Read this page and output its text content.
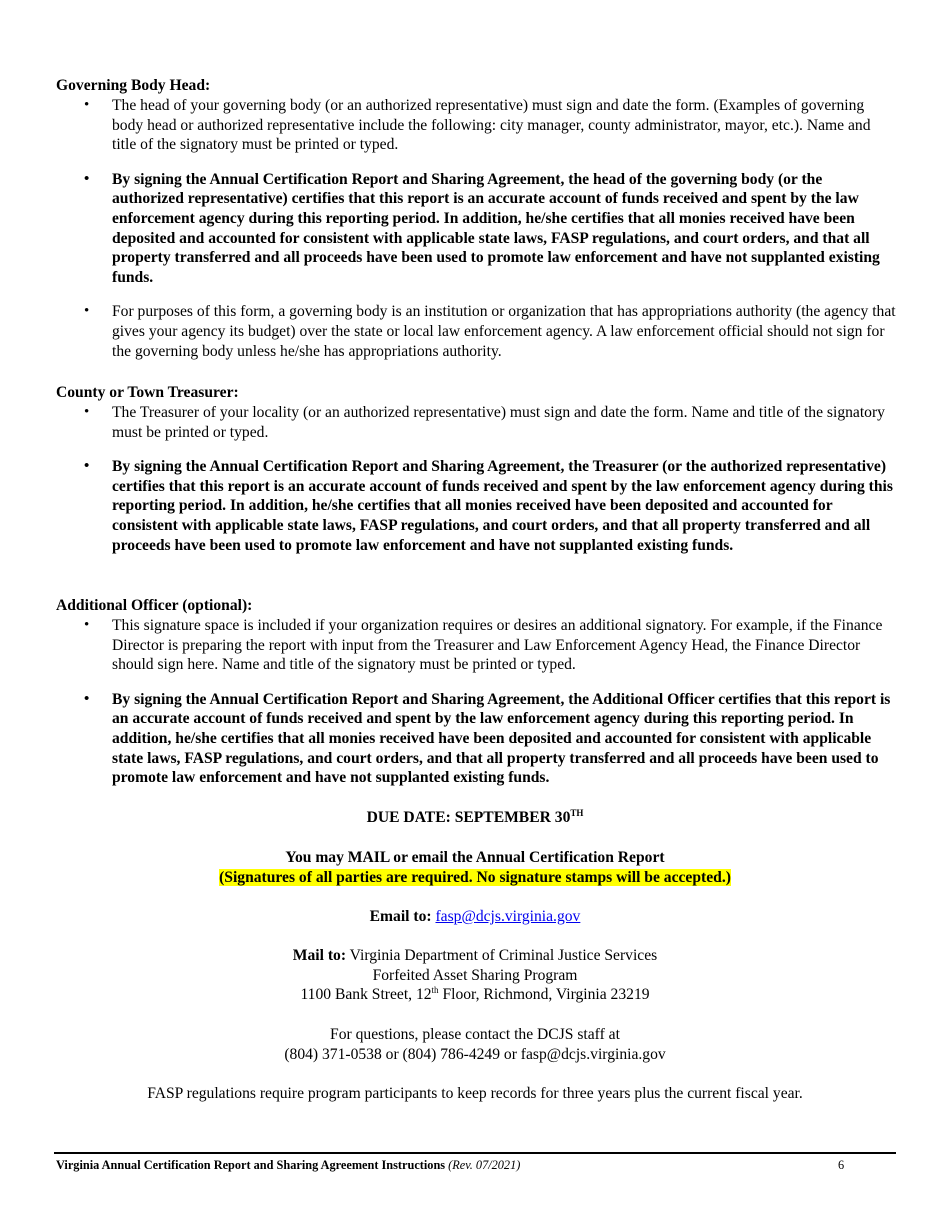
Governing Body Head:
• The head of your governing body (or an authorized representative) must sign and date the form. (Examples of governing body head or authorized representative include the following: city manager, county administrator, mayor, etc.). Name and title of the signatory must be printed or typed.
• By signing the Annual Certification Report and Sharing Agreement, the head of the governing body (or the authorized representative) certifies that this report is an accurate account of funds received and spent by the law enforcement agency during this reporting period. In addition, he/she certifies that all monies received have been deposited and accounted for consistent with applicable state laws, FASP regulations, and court orders, and that all property transferred and all proceeds have been used to promote law enforcement and have not supplanted existing funds.
• For purposes of this form, a governing body is an institution or organization that has appropriations authority (the agency that gives your agency its budget) over the state or local law enforcement agency. A law enforcement official should not sign for the governing body unless he/she has appropriations authority.
County or Town Treasurer:
• The Treasurer of your locality (or an authorized representative) must sign and date the form. Name and title of the signatory must be printed or typed.
• By signing the Annual Certification Report and Sharing Agreement, the Treasurer (or the authorized representative) certifies that this report is an accurate account of funds received and spent by the law enforcement agency during this reporting period. In addition, he/she certifies that all monies received have been deposited and accounted for consistent with applicable state laws, FASP regulations, and court orders, and that all property transferred and all proceeds have been used to promote law enforcement and have not supplanted existing funds.
Additional Officer (optional):
• This signature space is included if your organization requires or desires an additional signatory. For example, if the Finance Director is preparing the report with input from the Treasurer and Law Enforcement Agency Head, the Finance Director should sign here. Name and title of the signatory must be printed or typed.
• By signing the Annual Certification Report and Sharing Agreement, the Additional Officer certifies that this report is an accurate account of funds received and spent by the law enforcement agency during this reporting period. In addition, he/she certifies that all monies received have been deposited and accounted for consistent with applicable state laws, FASP regulations, and court orders, and that all property transferred and all proceeds have been used to promote law enforcement and have not supplanted existing funds.
DUE DATE: SEPTEMBER 30TH
You may MAIL or email the Annual Certification Report
(Signatures of all parties are required. No signature stamps will be accepted.)
Email to: fasp@dcjs.virginia.gov
Mail to: Virginia Department of Criminal Justice Services
Forfeited Asset Sharing Program
1100 Bank Street, 12th Floor, Richmond, Virginia 23219
For questions, please contact the DCJS staff at
(804) 371-0538 or (804) 786-4249 or fasp@dcjs.virginia.gov
FASP regulations require program participants to keep records for three years plus the current fiscal year.
Virginia Annual Certification Report and Sharing Agreement Instructions (Rev. 07/2021)	6
